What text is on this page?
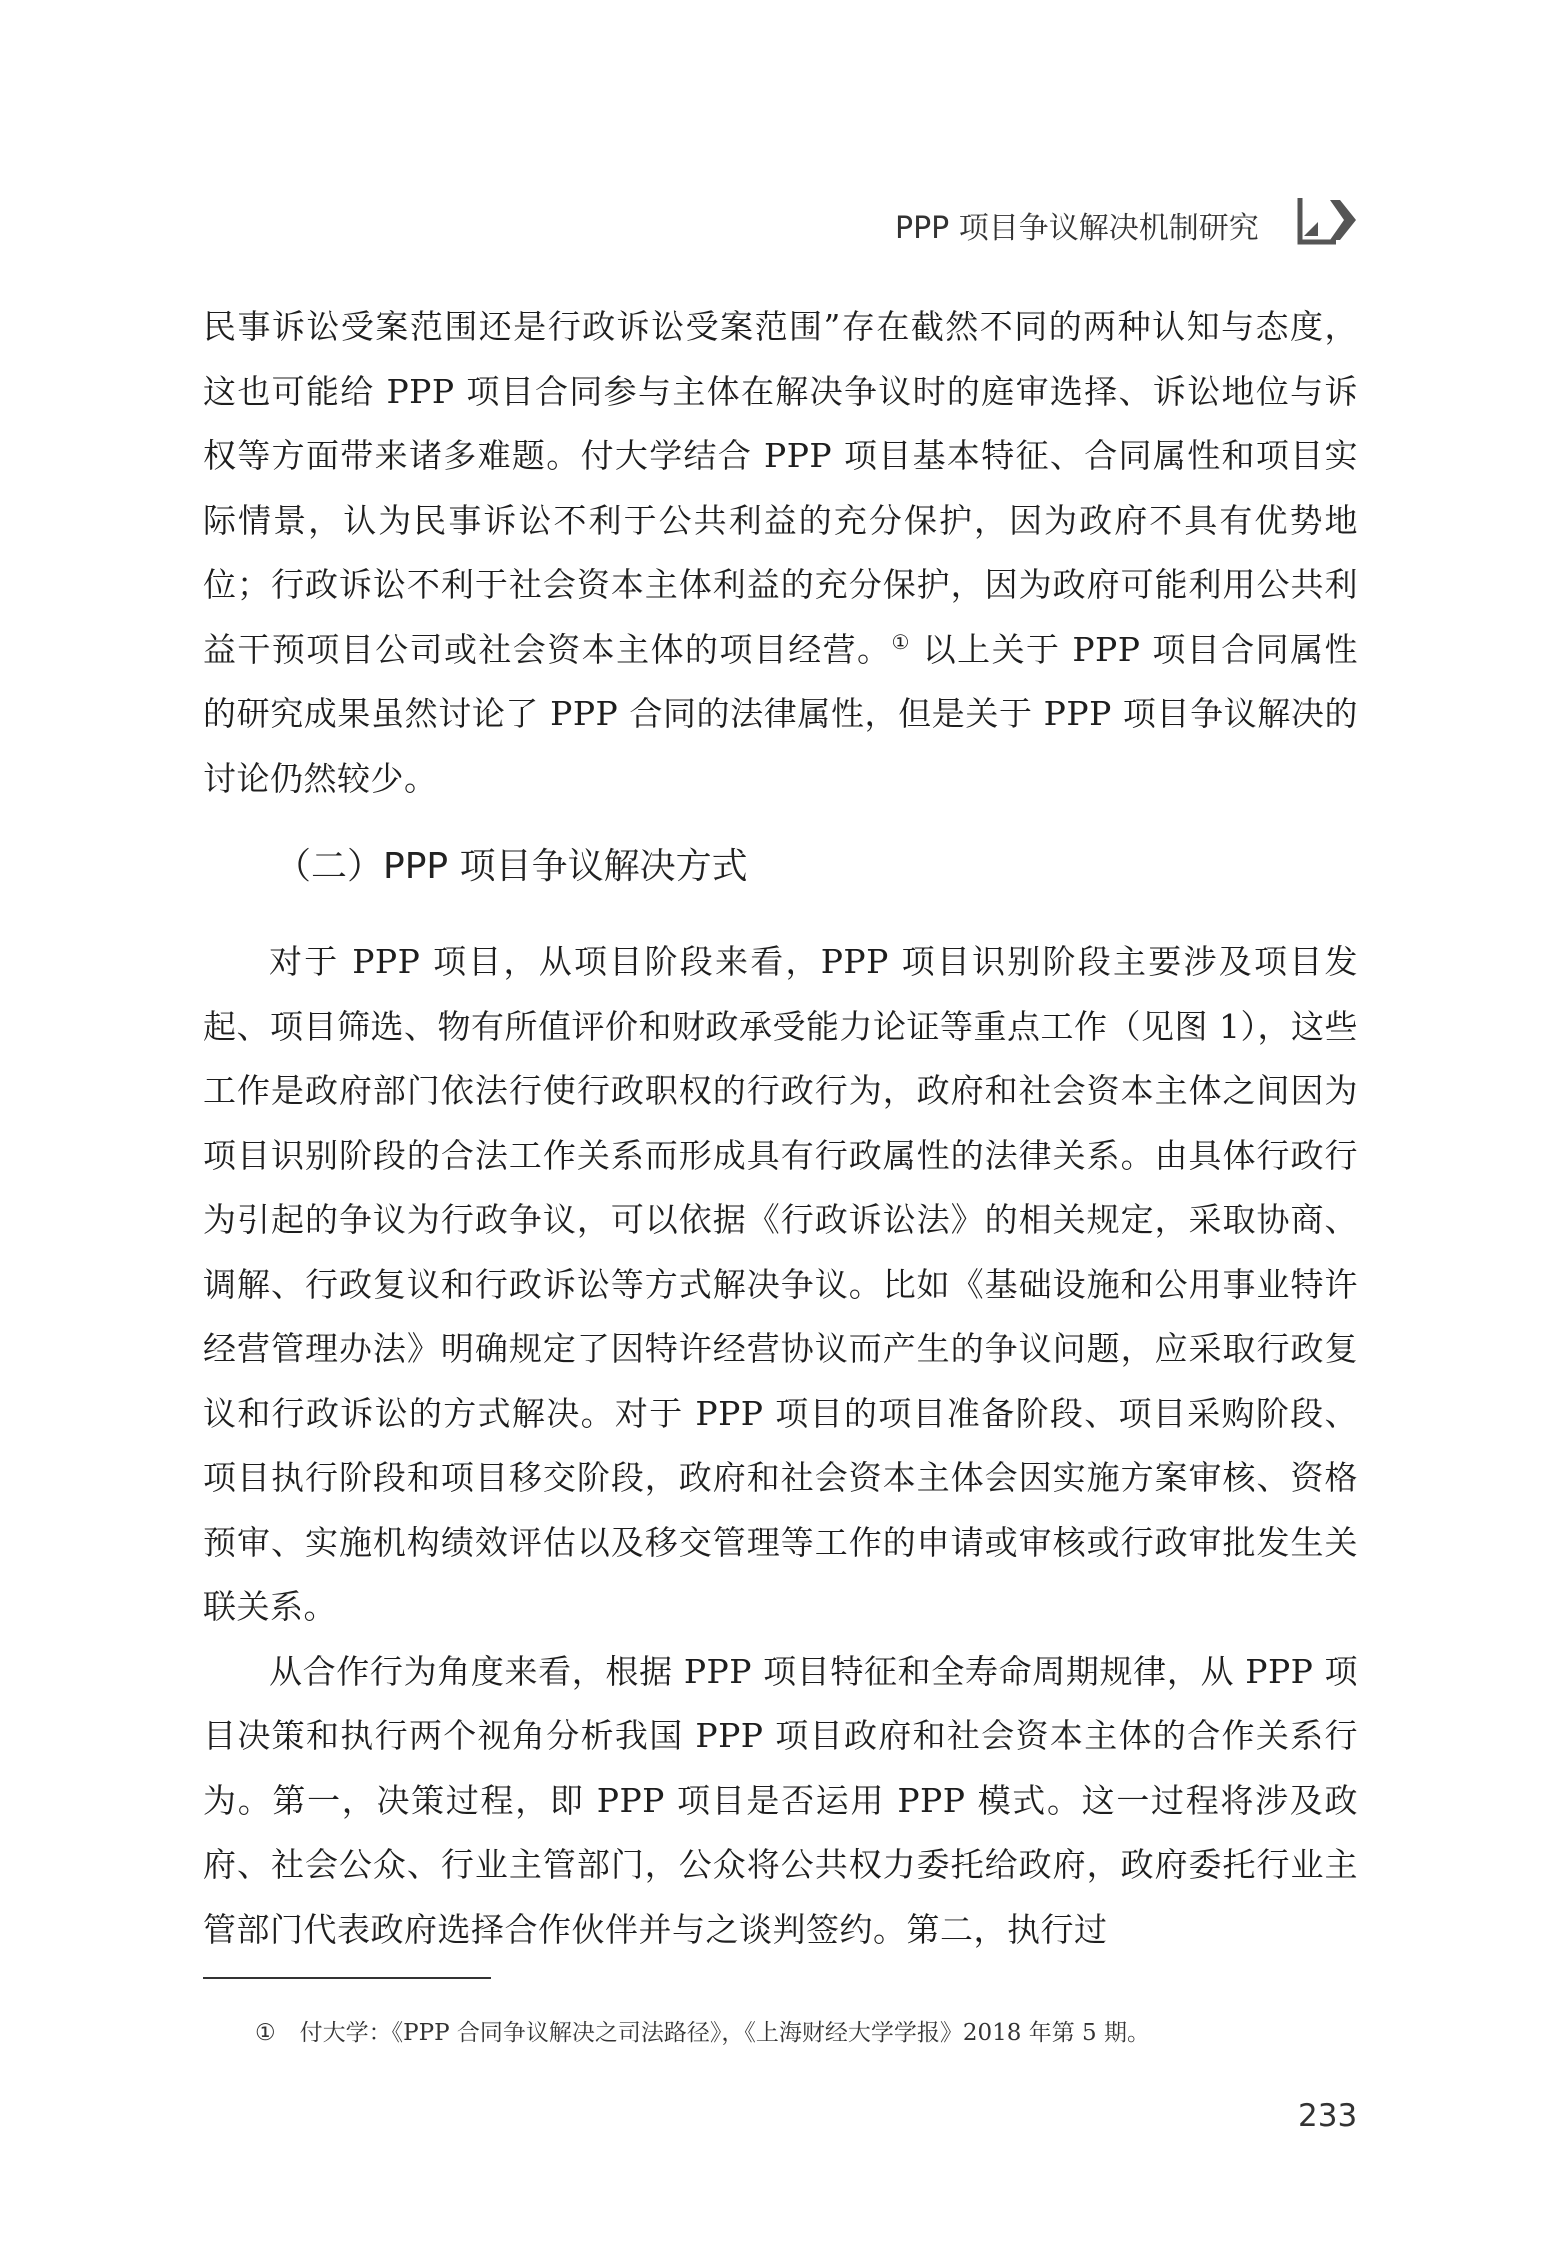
PPP 项目争议解决机制研究

民事诉讼受案范围还是行政诉讼受案范围”存在截然不同的两种认知与态度，这也可能给 PPP 项目合同参与主体在解决争议时的庭审选择、诉讼地位与诉权等方面带来诸多难题。付大学结合 PPP 项目基本特征、合同属性和项目实际情景，认为民事诉讼不利于公共利益的充分保护，因为政府不具有优势地位；行政诉讼不利于社会资本主体利益的充分保护，因为政府可能利用公共利益干预项目公司或社会资本主体的项目经营。① 以上关于 PPP 项目合同属性的研究成果虽然讨论了 PPP 合同的法律属性，但是关于 PPP 项目争议解决的讨论仍然较少。

（二）PPP 项目争议解决方式

对于 PPP 项目，从项目阶段来看，PPP 项目识别阶段主要涉及项目发起、项目筛选、物有所值评价和财政承受能力论证等重点工作（见图 1），这些工作是政府部门依法行使行政职权的行政行为，政府和社会资本主体之间因为项目识别阶段的合法工作关系而形成具有行政属性的法律关系。由具体行政行为引起的争议为行政争议，可以依据《行政诉讼法》的相关规定，采取协商、调解、行政复议和行政诉讼等方式解决争议。比如《基础设施和公用事业特许经营管理办法》明确规定了因特许经营协议而产生的争议问题，应采取行政复议和行政诉讼的方式解决。对于 PPP 项目的项目准备阶段、项目采购阶段、项目执行阶段和项目移交阶段，政府和社会资本主体会因实施方案审核、资格预审、实施机构绩效评估以及移交管理等工作的申请或审核或行政审批发生关联关系。

从合作行为角度来看，根据 PPP 项目特征和全寿命周期规律，从 PPP 项目决策和执行两个视角分析我国 PPP 项目政府和社会资本主体的合作关系行为。第一，决策过程，即 PPP 项目是否运用 PPP 模式。这一过程将涉及政府、社会公众、行业主管部门，公众将公共权力委托给政府，政府委托行业主管部门代表政府选择合作伙伴并与之谈判签约。第二，执行过

① 付大学：《PPP 合同争议解决之司法路径》，《上海财经大学学报》2018 年第 5 期。
233
